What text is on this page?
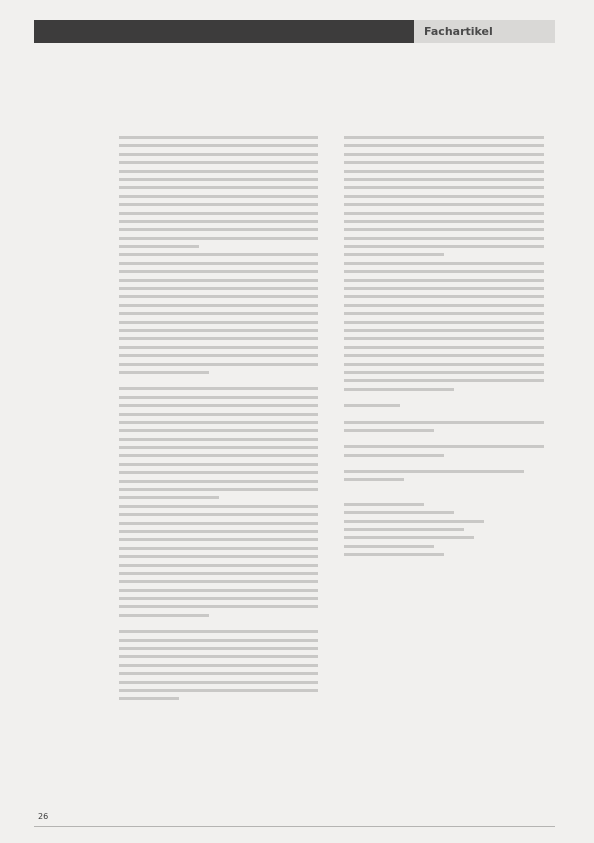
Fachartikel
26
